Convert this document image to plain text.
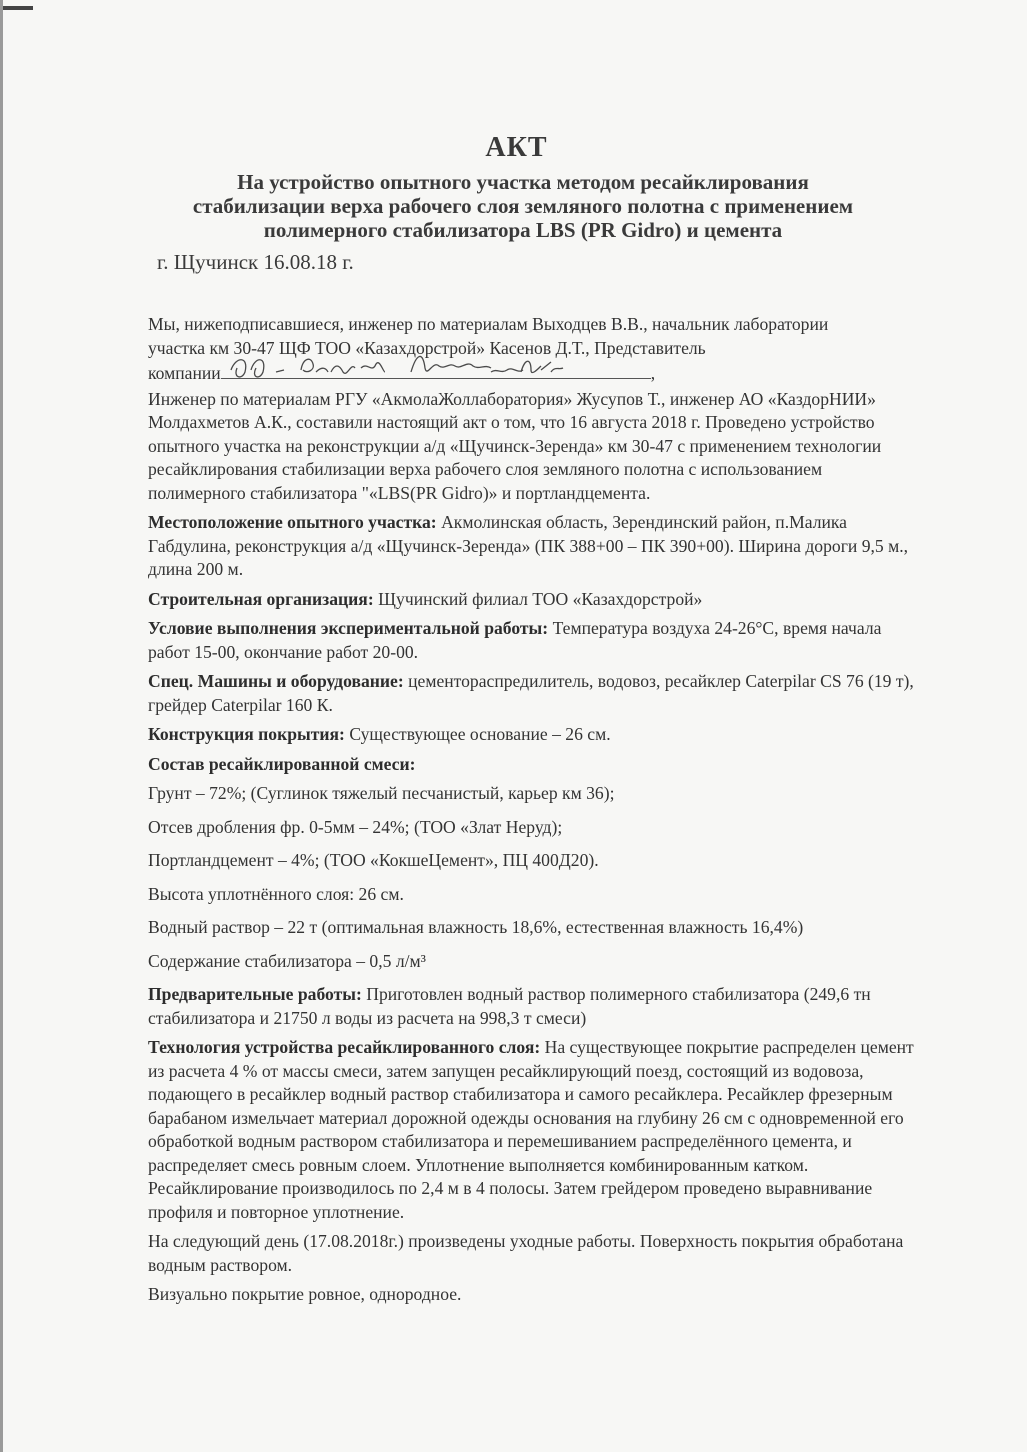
АКТ
На устройство опытного участка методом ресайклирования
стабилизации верха рабочего слоя земляного полотна с применением
полимерного стабилизатора LBS (PR Gidro) и цемента
г. Щучинск 16.08.18 г.

Мы, нижеподписавшиеся, инженер по материалам Выходцев В.В., начальник лаборатории
участка км 30-47 ЩФ ТОО «Казахдорстрой» Касенов Д.Т., Представитель
компании	,

Инженер по материалам РГУ «АкмолаЖоллаборатория» Жусупов Т., инженер АО «КаздорНИИ» Молдахметов А.К., составили настоящий акт о том, что 16 августа 2018 г. Проведено устройство опытного участка на реконструкции а/д «Щучинск-Зеренда» км 30-47 с применением технологии ресайклирования стабилизации верха рабочего слоя земляного полотна с использованием полимерного стабилизатора "«LBS(PR Gidro)» и портландцемента.

Местоположение опытного участка: Акмолинская область, Зерендинский район, п.Малика Габдулина, реконструкция а/д «Щучинск-Зеренда» (ПК 388+00 – ПК 390+00). Ширина дороги 9,5 м., длина 200 м.

Строительная организация: Щучинский филиал ТОО «Казахдорстрой»

Условие выполнения экспериментальной работы: Температура воздуха 24-26°С, время начала работ 15-00, окончание работ 20-00.

Спец. Машины и оборудование: цементораспредилитель, водовоз, ресайклер Caterpilar CS 76 (19 т), грейдер Caterpilar 160 К.

Конструкция покрытия: Существующее основание – 26 см.

Состав ресайклированной смеси:

Грунт – 72%; (Суглинок тяжелый песчанистый, карьер км 36);

Отсев дробления фр. 0-5мм – 24%; (ТОО «Злат Неруд);

Портландцемент – 4%; (ТОО «КокшеЦемент», ПЦ 400Д20).

Высота уплотнённого слоя: 26 см.

Водный раствор – 22 т (оптимальная влажность 18,6%, естественная влажность 16,4%)

Содержание стабилизатора – 0,5 л/м³

Предварительные работы: Приготовлен водный раствор полимерного стабилизатора (249,6 тн стабилизатора и 21750 л воды из расчета на 998,3 т смеси)

Технология устройства ресайклированного слоя: На существующее покрытие распределен цемент из расчета 4 % от массы смеси, затем запущен ресайклирующий поезд, состоящий из водовоза, подающего в ресайклер водный раствор стабилизатора и самого ресайклера. Ресайклер фрезерным барабаном измельчает материал дорожной одежды основания на глубину 26 см с одновременной его обработкой водным раствором стабилизатора и перемешиванием распределённого цемента, и распределяет смесь ровным слоем. Уплотнение выполняется комбинированным катком. Ресайклирование производилось по 2,4 м в 4 полосы. Затем грейдером проведено выравнивание профиля и повторное уплотнение.

На следующий день (17.08.2018г.) произведены уходные работы. Поверхность покрытия обработана водным раствором.

Визуально покрытие ровное, однородное.
